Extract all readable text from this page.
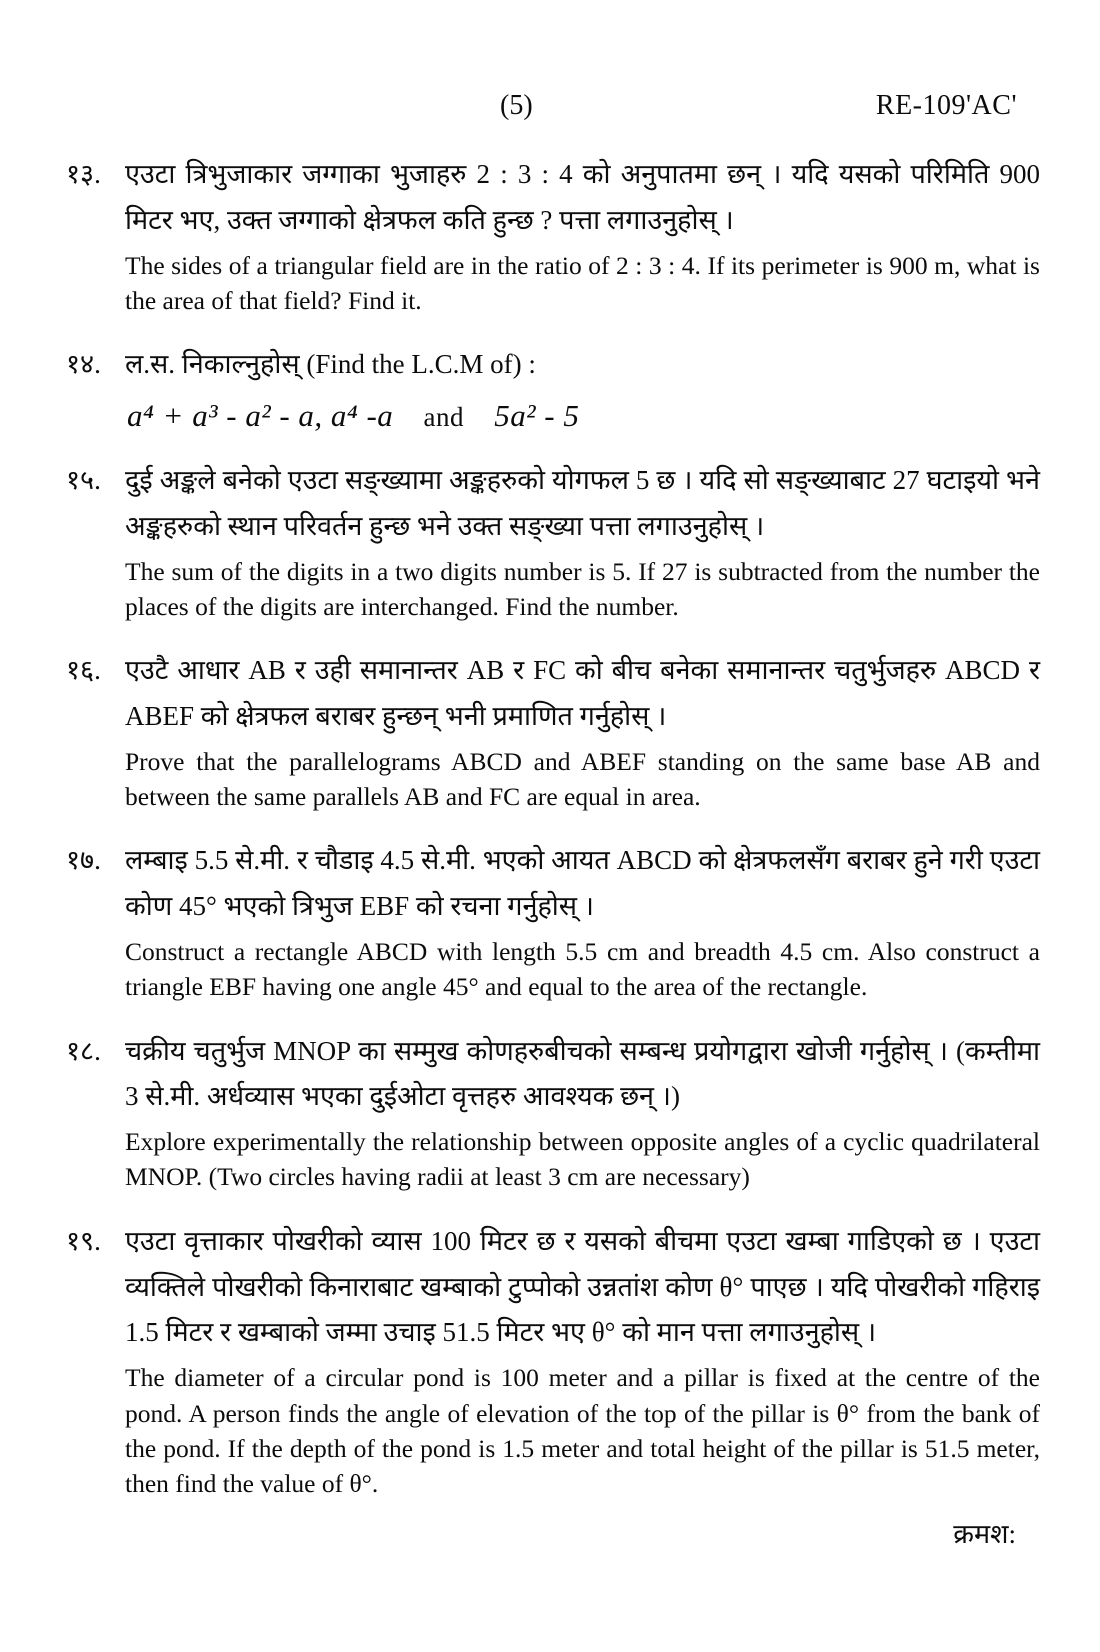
(5)	RE-109'AC'
१३. एउटा त्रिभुजाकार जग्गाका भुजाहरु 2 : 3 : 4 को अनुपातमा छन् । यदि यसको परिमिति 900 मिटर भए, उक्त जग्गाको क्षेत्रफल कति हुन्छ ? पत्ता लगाउनुहोस् ।

The sides of a triangular field are in the ratio of 2 : 3 : 4. If its perimeter is 900 m, what is the area of that field? Find it.

१४. ल.स. निकाल्नुहोस् (Find the L.C.M of) :

a⁴ + a³ - a² - a, a⁴ -a and 5a² - 5

१५. दुई अङ्कले बनेको एउटा सङ्ख्यामा अङ्कहरुको योगफल 5 छ । यदि सो सङ्ख्याबाट 27 घटाइयो भने अङ्कहरुको स्थान परिवर्तन हुन्छ भने उक्त सङ्ख्या पत्ता लगाउनुहोस् ।

The sum of the digits in a two digits number is 5. If 27 is subtracted from the number the places of the digits are interchanged. Find the number.

१६. एउटै आधार AB र उही समानान्तर AB र FC को बीच बनेका समानान्तर चतुर्भुजहरु ABCD र ABEF को क्षेत्रफल बराबर हुन्छन् भनी प्रमाणित गर्नुहोस् ।

Prove that the parallelograms ABCD and ABEF standing on the same base AB and between the same parallels AB and FC are equal in area.

१७. लम्बाइ 5.5 से.मी. र चौडाइ 4.5 से.मी. भएको आयत ABCD को क्षेत्रफलसँग बराबर हुने गरी एउटा कोण 45° भएको त्रिभुज EBF को रचना गर्नुहोस् ।

Construct a rectangle ABCD with length 5.5 cm and breadth 4.5 cm. Also construct a triangle EBF having one angle 45° and equal to the area of the rectangle.

१८. चक्रीय चतुर्भुज MNOP का सम्मुख कोणहरुबीचको सम्बन्ध प्रयोगद्वारा खोजी गर्नुहोस् । (कम्तीमा 3 से.मी. अर्धव्यास भएका दुईओटा वृत्तहरु आवश्यक छन् ।)

Explore experimentally the relationship between opposite angles of a cyclic quadrilateral MNOP. (Two circles having radii at least 3 cm are necessary)

१९. एउटा वृत्ताकार पोखरीको व्यास 100 मिटर छ र यसको बीचमा एउटा खम्बा गाडिएको छ । एउटा व्यक्तिले पोखरीको किनाराबाट खम्बाको टुप्पोको उन्नतांश कोण θ° पाएछ । यदि पोखरीको गहिराइ 1.5 मिटर र खम्बाको जम्मा उचाइ 51.5 मिटर भए θ° को मान पत्ता लगाउनुहोस् ।

The diameter of a circular pond is 100 meter and a pillar is fixed at the centre of the pond. A person finds the angle of elevation of the top of the pillar is θ° from the bank of the pond. If the depth of the pond is 1.5 meter and total height of the pillar is 51.5 meter, then find the value of θ°.

क्रमश:
